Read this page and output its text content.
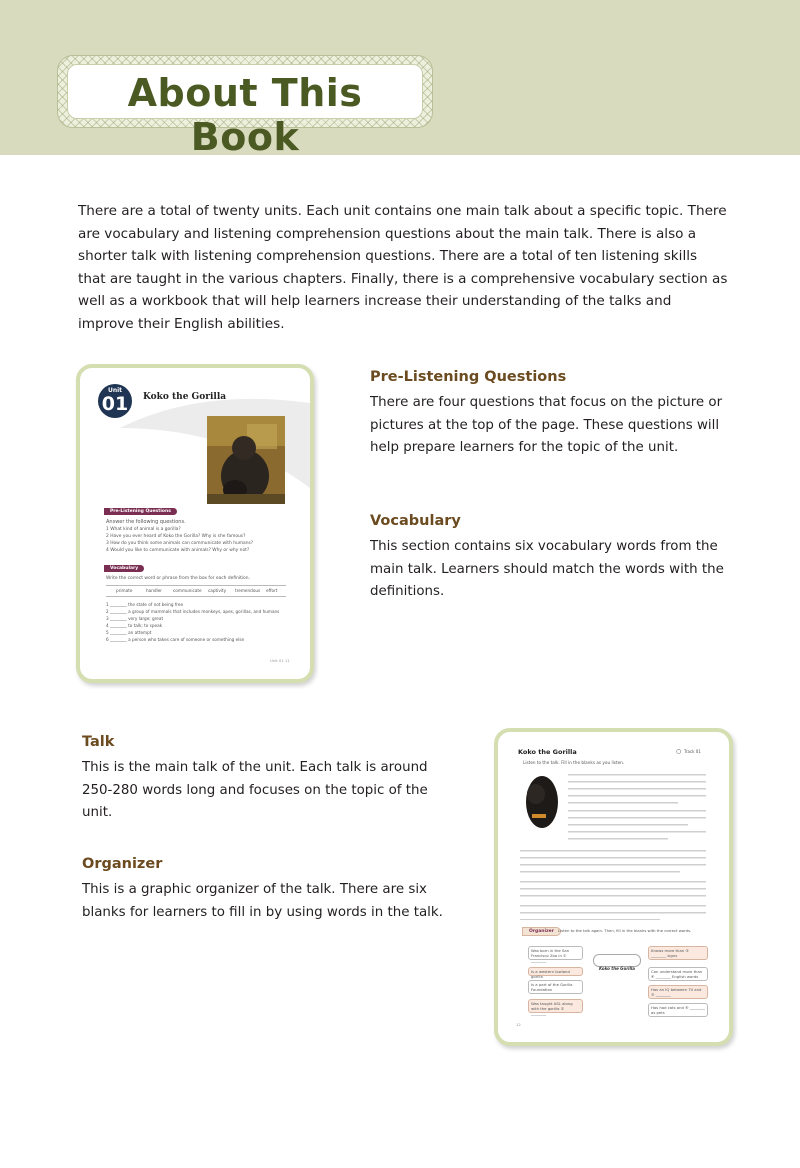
About This Book
There are a total of twenty units. Each unit contains one main talk about a specific topic. There are vocabulary and listening comprehension questions about the main talk. There is also a shorter talk with listening comprehension questions. There are a total of ten listening skills that are taught in the various chapters. Finally, there is a comprehensive vocabulary section as well as a workbook that will help learners increase their understanding of the talks and improve their English abilities.
Unit
01	Koko the Gorilla
Pre-Listening Questions
Answer the following questions.
1 What kind of animal is a gorilla?
2 Have you ever heard of Koko the Gorilla? Why is she famous?
3 How do you think some animals can communicate with humans?
4 Would you like to communicate with animals? Why or why not?
Vocabulary
Write the correct word or phrase from the box for each definition.
primate	handler	communicate captivity tremendous effort
1 ________ the state of not being free
2 ________ a group of mammals that includes monkeys, apes, gorillas, and humans
3 ________ very large; great
4 ________ to talk; to speak
5 ________ an attempt
6 ________ a person who takes care of someone or something else
Unit 01 11
Pre-Listening Questions
There are four questions that focus on the picture or pictures at the top of the page. These questions will help prepare learners for the topic of the unit.
Vocabulary
This section contains six vocabulary words from the main talk. Learners should match the words with the definitions.
Talk
This is the main talk of the unit. Each talk is around 250-280 words long and focuses on the topic of the unit.
Organizer
This is a graphic organizer of the talk. There are six blanks for learners to fill in by using words in the talk.
Koko the Gorilla	○ Track 01
Listen to the talk. Fill in the blanks as you listen.
Organizer	Listen to the talk again. Then, fill in the blanks with the correct words.
Koko the Gorilla
Was born in the San Francisco Zoo in ① ________
Is a western lowland gorilla
Is a part of the Gorilla Foundation
Was taught ASL along with the gorilla ② ________
Knows more than ③ ________ signs
Can understand more than ④ ________ English words
Has an IQ between 70 and ⑤ ________
Has had cats and ⑥ ________ as pets
12
